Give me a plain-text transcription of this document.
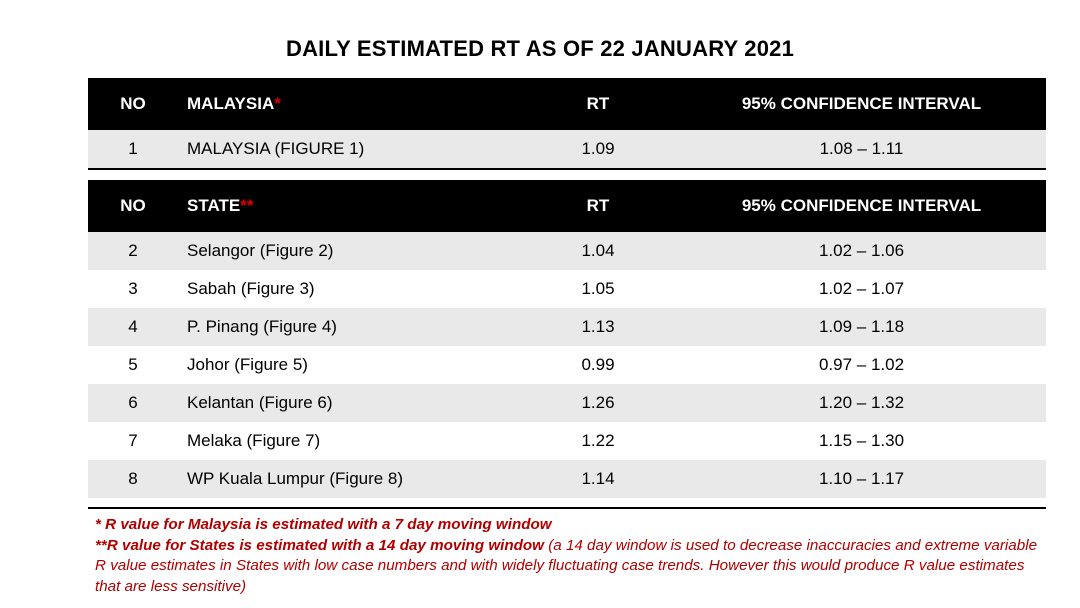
DAILY ESTIMATED RT AS OF 22 JANUARY 2021
NO	MALAYSIA *	RT	95% CONFIDENCE INTERVAL
1	MALAYSIA (FIGURE 1)	1.09	1.08 – 1.11
NO	STATE **	RT	95% CONFIDENCE INTERVAL
2	Selangor (Figure 2)	1.04	1.02 – 1.06
3	Sabah (Figure 3)	1.05	1.02 – 1.07
4	P. Pinang (Figure 4)	1.13	1.09 – 1.18
5	Johor (Figure 5)	0.99	0.97 – 1.02
6	Kelantan (Figure 6)	1.26	1.20 – 1.32
7	Melaka (Figure 7)	1.22	1.15 – 1.30
8	WP Kuala Lumpur (Figure 8)	1.14	1.10 – 1.17
* R value for Malaysia is estimated with a 7 day moving window
**R value for States is estimated with a 14 day moving window (a 14 day window is used to decrease inaccuracies and extreme variable R value estimates in States with low case numbers and with widely fluctuating case trends. However this would produce R value estimates that are less sensitive)
